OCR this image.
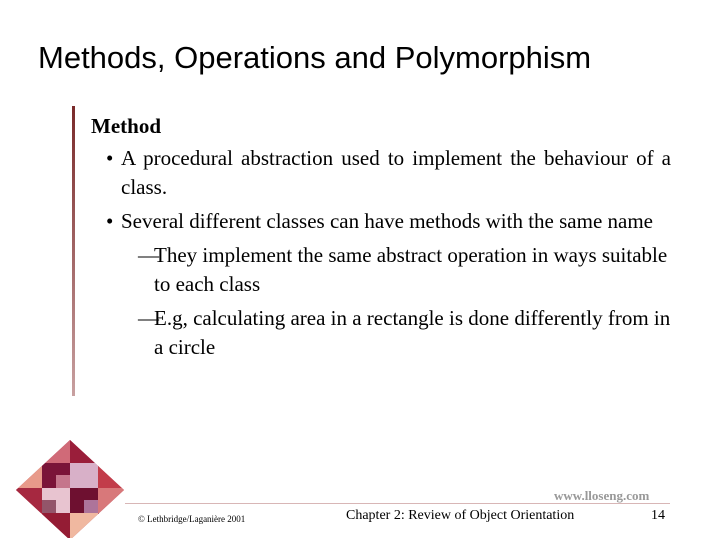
Methods, Operations and Polymorphism
Method
• A procedural abstraction used to implement the behaviour of a class.
• Several different classes can have methods with the same name
—
They implement the same abstract operation in ways suitable to each class
—
E.g, calculating area in a rectangle is done differently from in a circle
www.lloseng.com
© Lethbridge/Laganière 2001	Chapter 2: Review of Object Orientation	14
